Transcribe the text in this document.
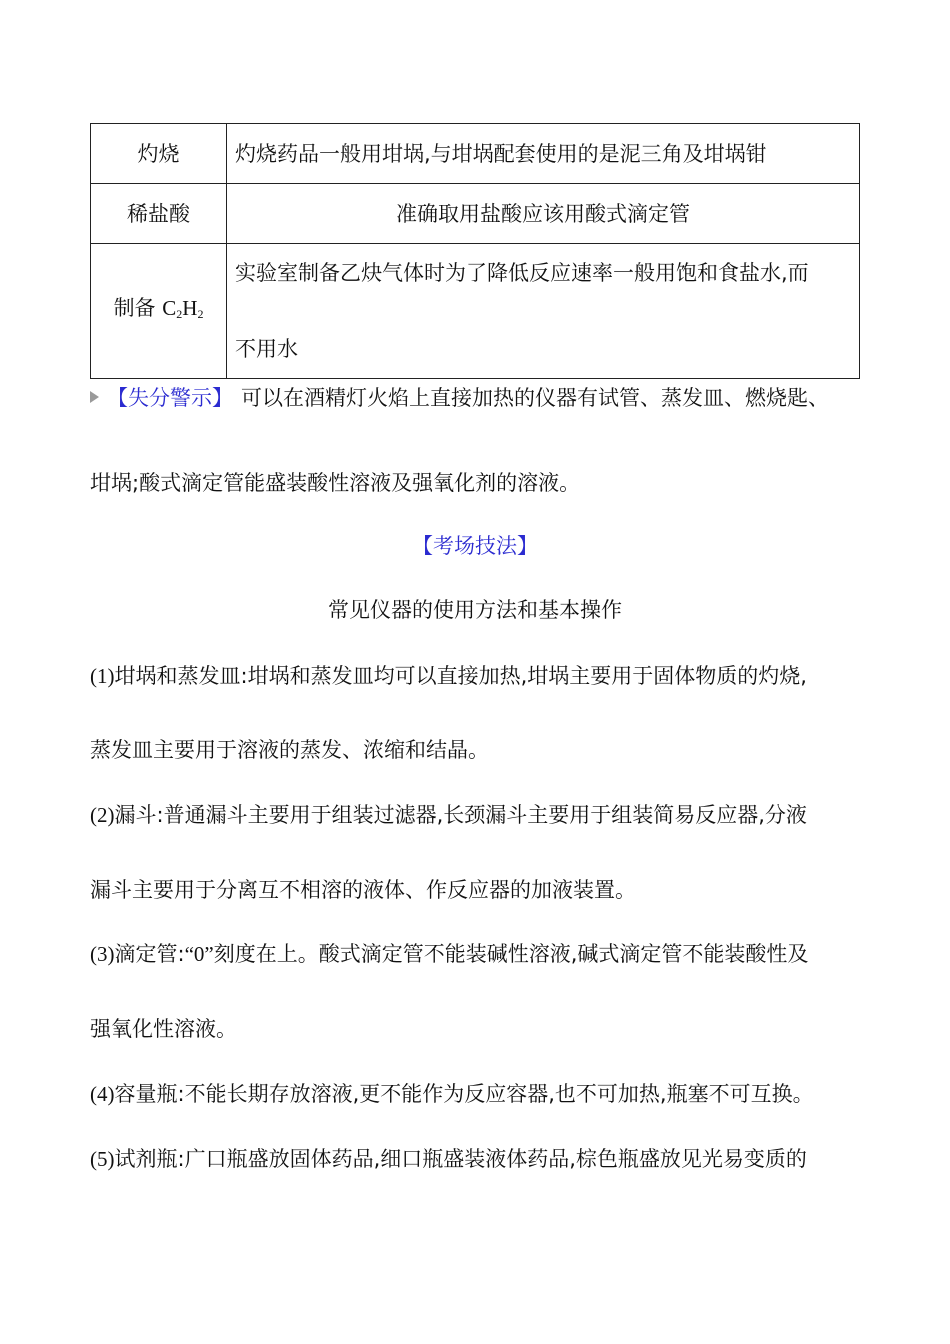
灼烧	灼烧药品一般用坩埚,与坩埚配套使用的是泥三角及坩埚钳
稀盐酸	准确取用盐酸应该用酸式滴定管
制备 $C_2H_2$	实验室制备乙炔气体时为了降低反应速率一般用饱和食盐水,而
不用水
【失分警示】 可以在酒精灯火焰上直接加热的仪器有试管、蒸发皿、燃烧匙、
坩埚;酸式滴定管能盛装酸性溶液及强氧化剂的溶液。
【考场技法】
常见仪器的使用方法和基本操作
(1)坩埚和蒸发皿:坩埚和蒸发皿均可以直接加热,坩埚主要用于固体物质的灼烧,
蒸发皿主要用于溶液的蒸发、浓缩和结晶。
(2)漏斗:普通漏斗主要用于组装过滤器,长颈漏斗主要用于组装简易反应器,分液
漏斗主要用于分离互不相溶的液体、作反应器的加液装置。
(3)滴定管:“0”刻度在上。酸式滴定管不能装碱性溶液,碱式滴定管不能装酸性及
强氧化性溶液。
(4)容量瓶:不能长期存放溶液,更不能作为反应容器,也不可加热,瓶塞不可互换。
(5)试剂瓶:广口瓶盛放固体药品,细口瓶盛装液体药品,棕色瓶盛放见光易变质的
